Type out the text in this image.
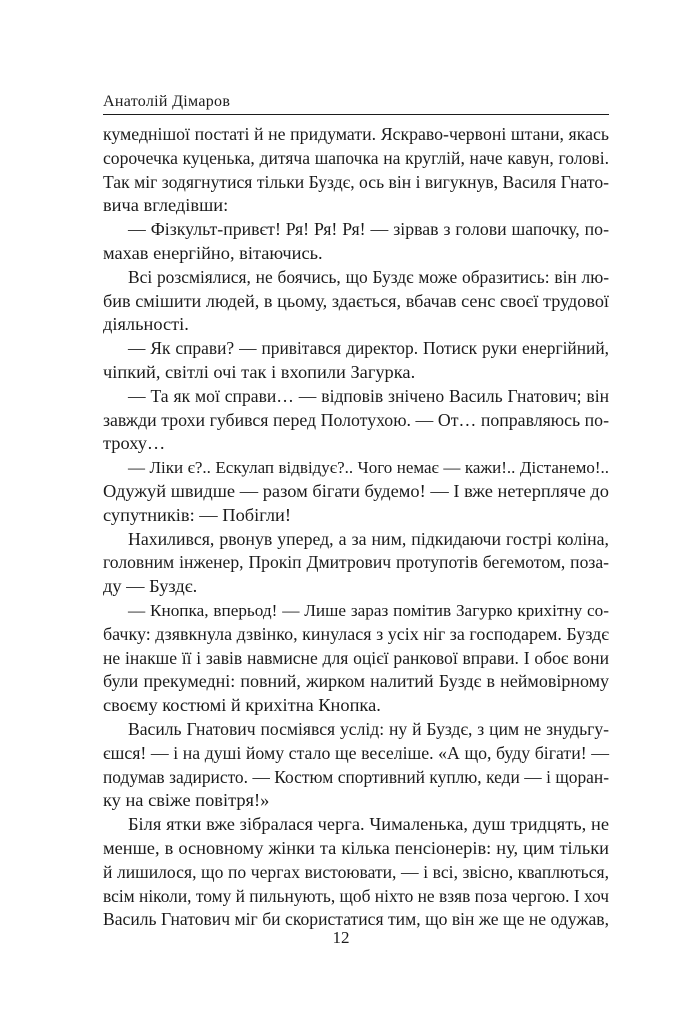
Анатолій Дімаров

кумеднішої постаті й не придумати. Яскраво-червоні штани, якась

сорочечка куценька, дитяча шапочка на круглій, наче кавун, голові.

Так міг зодягнутися тільки Буздє, ось він і вигукнув, Василя Гнато-

вича вгледівши:

— Фізкульт-привєт! Ря! Ря! Ря! — зірвав з голови шапочку, по-

махав енергійно, вітаючись.

Всі розсміялися, не боячись, що Буздє може образитись: він лю-

бив смішити людей, в цьому, здається, вбачав сенс своєї трудової

діяльності.

— Як справи? — привітався директор. Потиск руки енергійний,

чіпкий, світлі очі так і вхопили Загурка.

— Та як мої справи… — відповів знічено Василь Гнатович; він

завжди трохи губився перед Полотухою. — От… поправляюсь по-

троху…

— Ліки є?.. Ескулап відвідує?.. Чого немає — кажи!.. Дістанемо!..

Одужуй швидше — разом бігати будемо! — І вже нетерпляче до

супутників: — Побігли!

Нахилився, рвонув уперед, а за ним, підкидаючи гострі коліна,

головним інженер, Прокіп Дмитрович протупотів бегемотом, поза-

ду — Буздє.

— Кнопка, вперьод! — Лише зараз помітив Загурко крихітну со-

бачку: дзявкнула дзвінко, кинулася з усіх ніг за господарем. Буздє

не інакше її і завів навмисне для оцієї ранкової вправи. І обоє вони

були прекумедні: повний, жирком налитий Буздє в неймовірному

своєму костюмі й крихітна Кнопка.

Василь Гнатович посміявся услід: ну й Буздє, з цим не знудьгу-

єшся! — і на душі йому стало ще веселіше. «А що, буду бігати! —

подумав задиристо. — Костюм спортивний куплю, кеди — і щоран-

ку на свіже повітря!»

Біля ятки вже зібралася черга. Чималенька, душ тридцять, не

менше, в основному жінки та кілька пенсіонерів: ну, цим тільки

й лишилося, що по чергах вистоювати, — і всі, звісно, кваплються,

всім ніколи, тому й пильнують, щоб ніхто не взяв поза чергою. І хоч

Василь Гнатович міг би скористатися тим, що він же ще не одужав,

12
